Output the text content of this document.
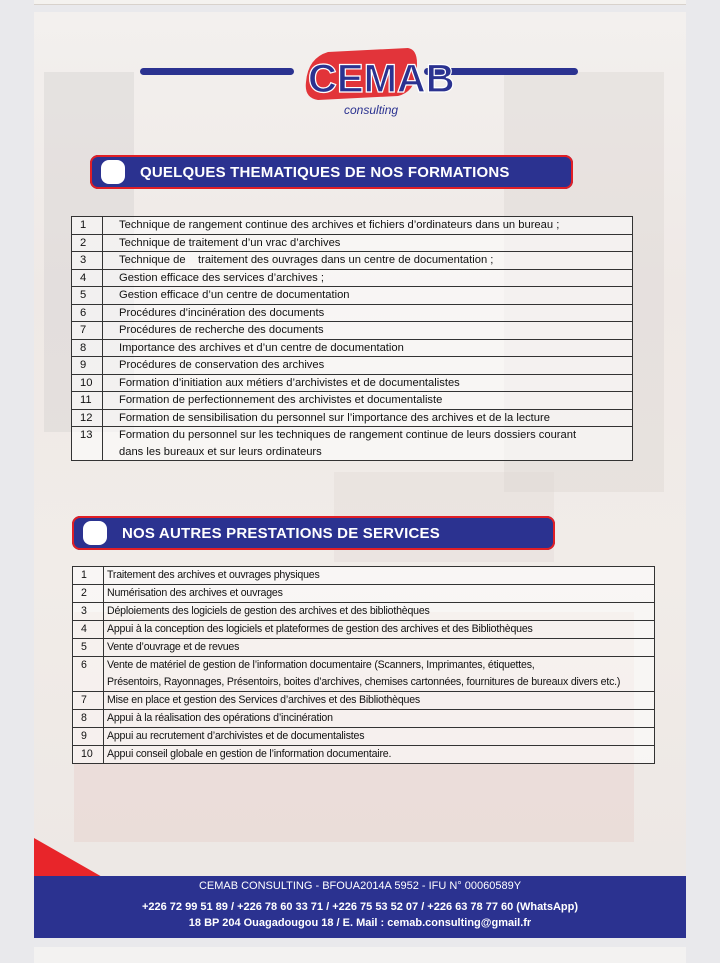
CEMAB
consulting
QUELQUES THEMATIQUES DE NOS FORMATIONS
1	Technique de rangement continue des archives et fichiers d’ordinateurs dans un bureau ;

2	Technique de traitement d’un vrac d’archives

3	Technique de    traitement des ouvrages dans un centre de documentation ;

4	Gestion efficace des services d’archives ;

5	Gestion efficace d’un centre de documentation

6	Procédures d’incinération des documents

7	Procédures de recherche des documents

8	Importance des archives et d’un centre de documentation

9	Procédures de conservation des archives

10	Formation d’initiation aux métiers d’archivistes et de documentalistes

11	Formation de perfectionnement des archivistes et documentaliste

12	Formation de sensibilisation du personnel sur l’importance des archives et de la lecture

13	Formation du personnel sur les techniques de rangement continue de leurs dossiers courant
dans les bureaux et sur leurs ordinateurs
NOS AUTRES PRESTATIONS DE SERVICES
1	Traitement des archives et ouvrages physiques

2	Numérisation des archives et ouvrages

3	Déploiements des logiciels de gestion des archives et des bibliothèques

4	Appui à la conception des logiciels et plateformes de gestion des archives et des Bibliothèques

5	Vente d’ouvrage et de revues

6	Vente de matériel de gestion de l’information documentaire (Scanners, Imprimantes, étiquettes,
Présentoirs, Rayonnages, Présentoirs, boites d’archives, chemises cartonnées, fournitures de bureaux divers etc.)

7	Mise en place et gestion des Services d’archives et des Bibliothèques

8	Appui à la réalisation des opérations d’incinération

9	Appui au recrutement d’archivistes et de documentalistes

10	Appui conseil globale en gestion de l’information documentaire.
CEMAB CONSULTING - BFOUA2014A 5952 - IFU N° 00060589Y
+226 72 99 51 89 / +226 78 60 33 71 / +226 75 53 52 07 / +226 63 78 77 60 (WhatsApp)
18 BP 204 Ouagadougou 18 / E. Mail : cemab.consulting@gmail.fr
